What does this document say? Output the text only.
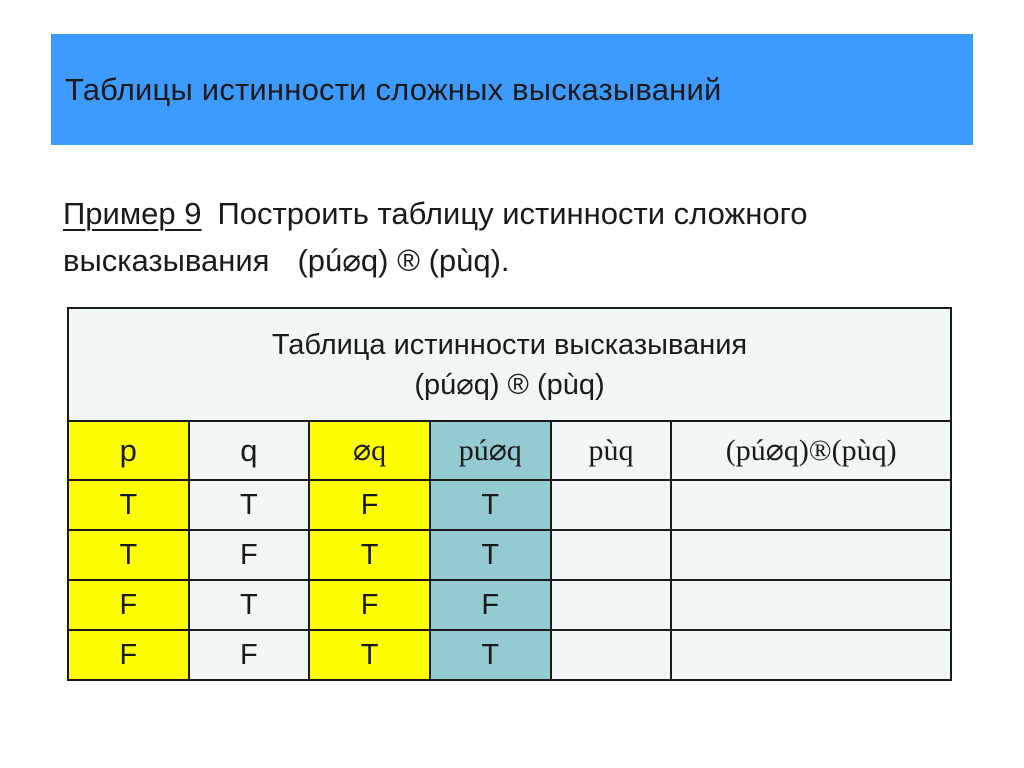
Таблицы истинности сложных высказываний
Пример 9 Построить таблицу истинности сложного
высказывания (pú⌀q) ® (pùq).
Таблица истинности высказывания
(pú⌀q) ® (pùq)					

p	q	⌀q	pú⌀q	pùq	(pú⌀q)®(pùq)
T	T	F	T		
T	F	T	T		
F	T	F	F		
F	F	T	T		
